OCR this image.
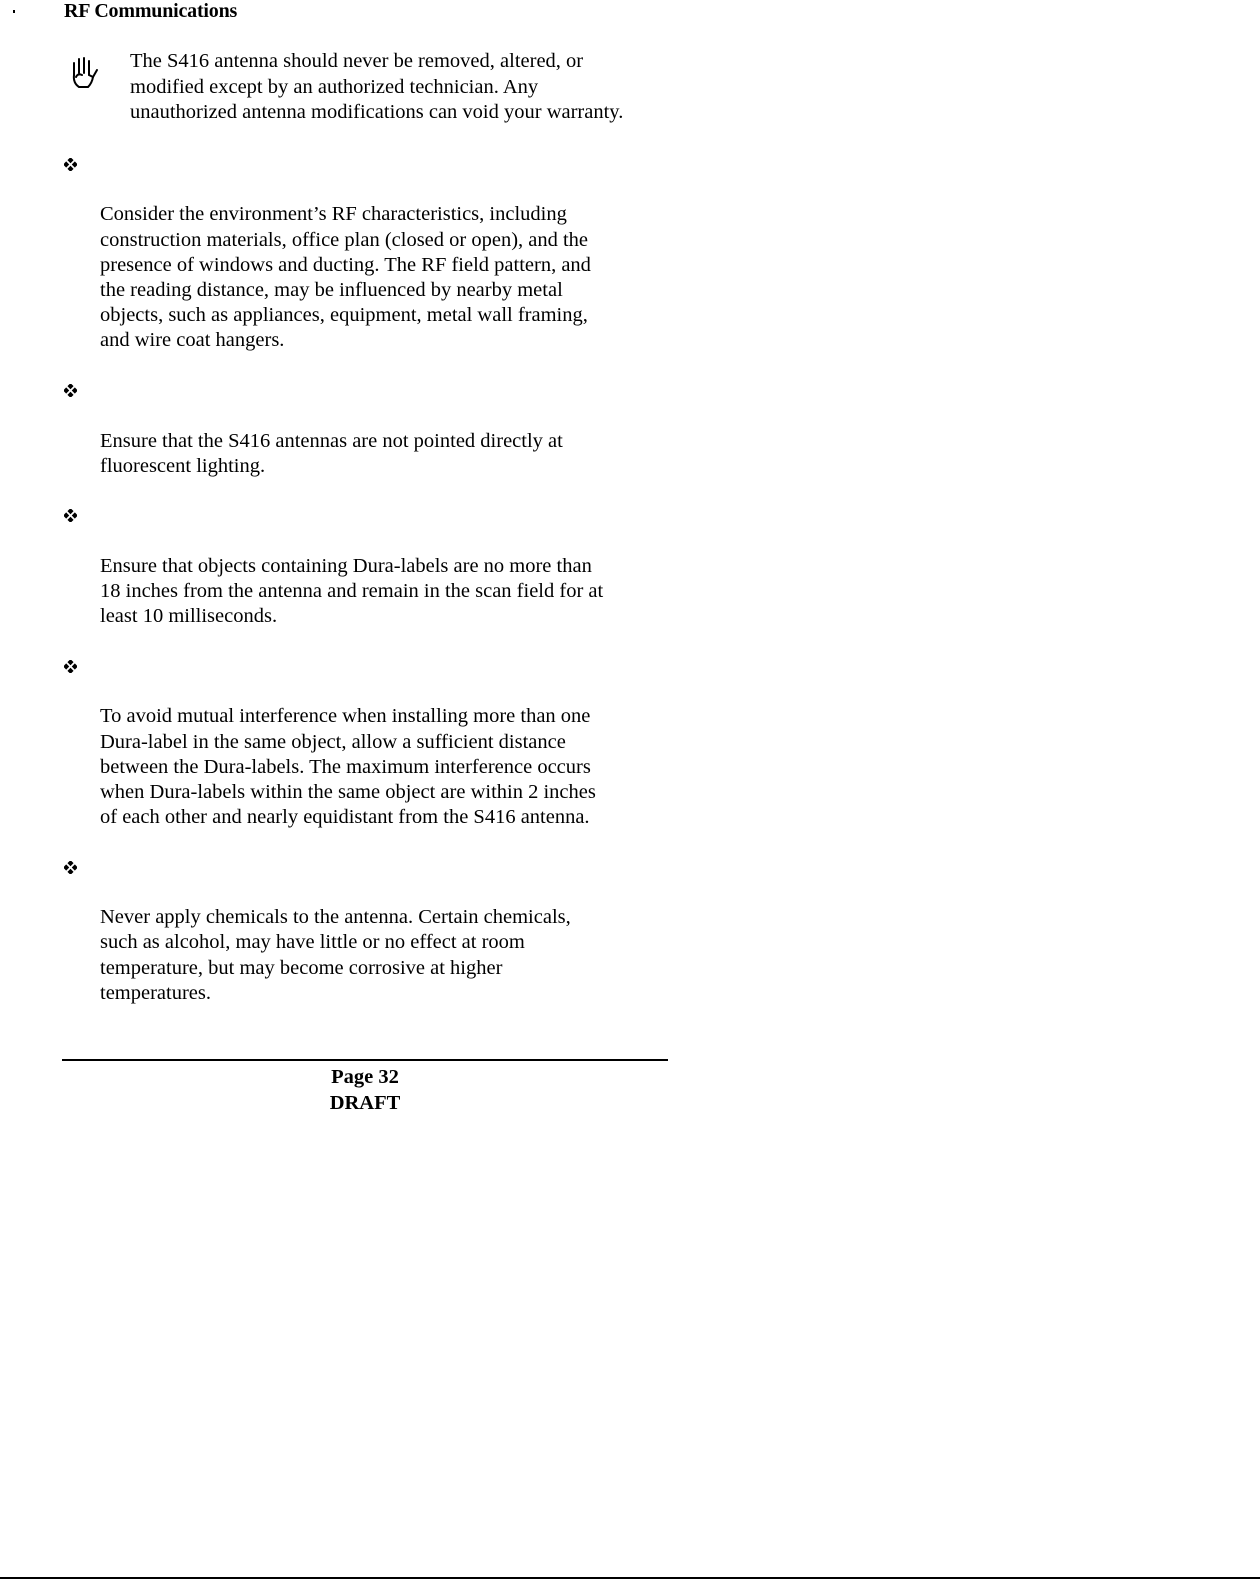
RF Communications
The S416 antenna should never be removed, altered, or
modified except by an authorized technician. Any
unauthorized antenna modifications can void your warranty.

Consider the environment’s RF characteristics, including
construction materials, office plan (closed or open), and the
presence of windows and ducting. The RF field pattern, and
the reading distance, may be influenced by nearby metal
objects, such as appliances, equipment, metal wall framing,
and wire coat hangers.

Ensure that the S416 antennas are not pointed directly at
fluorescent lighting.

Ensure that objects containing Dura-labels are no more than
18 inches from the antenna and remain in the scan field for at
least 10 milliseconds.

To avoid mutual interference when installing more than one
Dura-label in the same object, allow a sufficient distance
between the Dura-labels. The maximum interference occurs
when Dura-labels within the same object are within 2 inches
of each other and nearly equidistant from the S416 antenna.

Never apply chemicals to the antenna. Certain chemicals,
such as alcohol, may have little or no effect at room
temperature, but may become corrosive at higher
temperatures.

Page 32
DRAFT
